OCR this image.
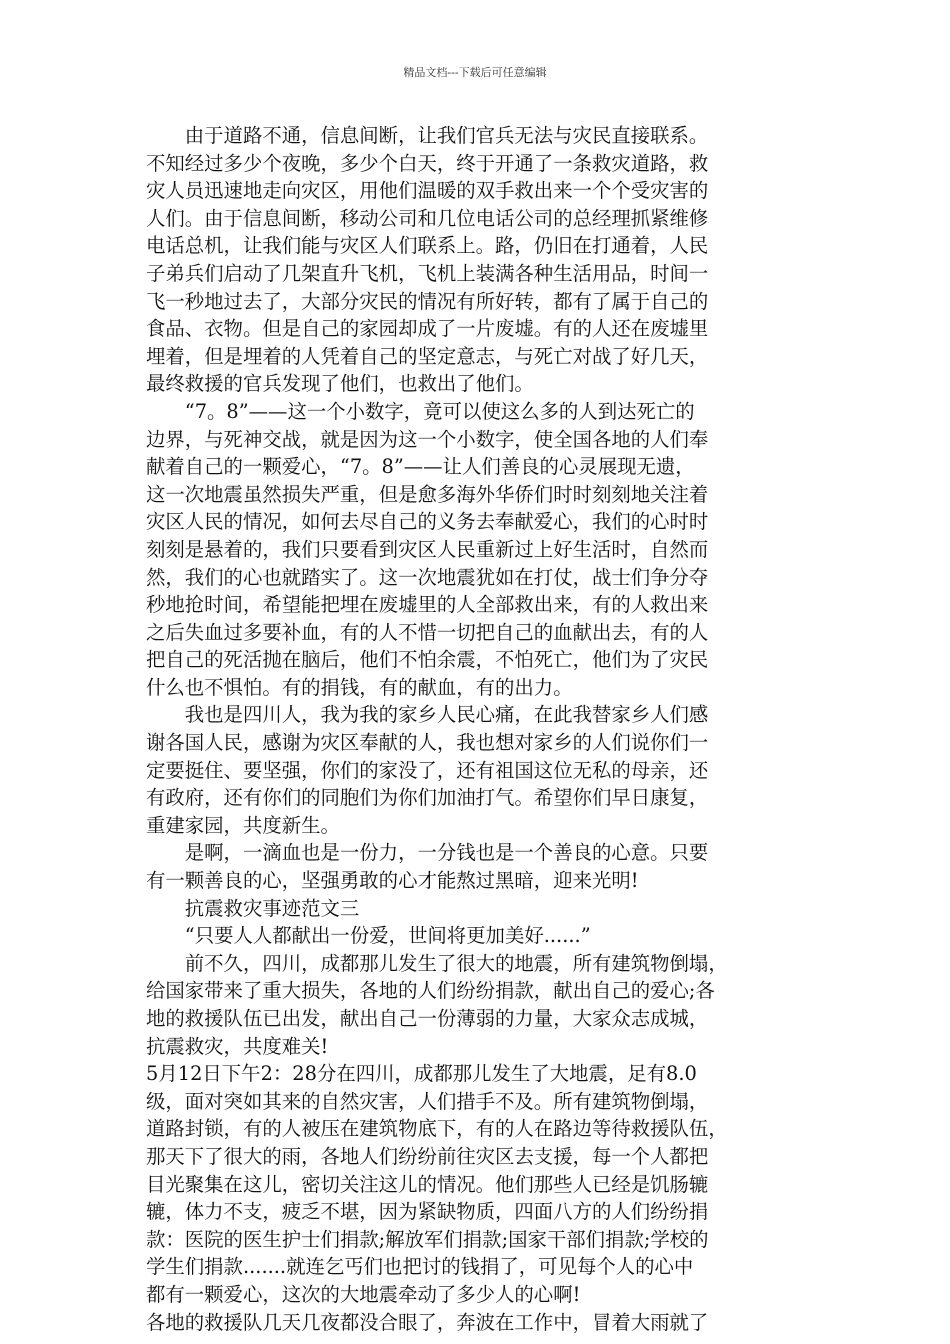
精品文档---下载后可任意编辑
　　由于道路不通，信息间断，让我们官兵无法与灾民直接联系。
不知经过多少个夜晚，多少个白天，终于开通了一条救灾道路，救
灾人员迅速地走向灾区，用他们温暖的双手救出来一个个受灾害的
人们。由于信息间断，移动公司和几位电话公司的总经理抓紧维修
电话总机，让我们能与灾区人们联系上。路，仍旧在打通着，人民
子弟兵们启动了几架直升飞机，飞机上装满各种生活用品，时间一
飞一秒地过去了，大部分灾民的情况有所好转，都有了属于自己的
食品、衣物。但是自己的家园却成了一片废墟。有的人还在废墟里
埋着，但是埋着的人凭着自己的坚定意志，与死亡对战了好几天，
最终救援的官兵发现了他们，也救出了他们。
　　“7。8”——这一个小数字，竟可以使这么多的人到达死亡的
边界，与死神交战，就是因为这一个小数字，使全国各地的人们奉
献着自己的一颗爱心，“7。8”——让人们善良的心灵展现无遗，
这一次地震虽然损失严重，但是愈多海外华侨们时时刻刻地关注着
灾区人民的情况，如何去尽自己的义务去奉献爱心，我们的心时时
刻刻是悬着的，我们只要看到灾区人民重新过上好生活时，自然而
然，我们的心也就踏实了。这一次地震犹如在打仗，战士们争分夺
秒地抢时间，希望能把埋在废墟里的人全部救出来，有的人救出来
之后失血过多要补血，有的人不惜一切把自己的血献出去，有的人
把自己的死活抛在脑后，他们不怕余震，不怕死亡，他们为了灾民
什么也不惧怕。有的捐钱，有的献血，有的出力。
　　我也是四川人，我为我的家乡人民心痛，在此我替家乡人们感
谢各国人民，感谢为灾区奉献的人，我也想对家乡的人们说你们一
定要挺住、要坚强，你们的家没了，还有祖国这位无私的母亲，还
有政府，还有你们的同胞们为你们加油打气。希望你们早日康复，
重建家园，共度新生。
　　是啊，一滴血也是一份力，一分钱也是一个善良的心意。只要
有一颗善良的心，坚强勇敢的心才能熬过黑暗，迎来光明!
　　抗震救灾事迹范文三
　　“只要人人都献出一份爱，世间将更加美好......”
　　前不久，四川，成都那儿发生了很大的地震，所有建筑物倒塌，
给国家带来了重大损失，各地的人们纷纷捐款，献出自己的爱心;各
地的救援队伍已出发，献出自己一份薄弱的力量，大家众志成城，
抗震救灾，共度难关!
5月12日下午2：28分在四川，成都那儿发生了大地震，足有8.0
级，面对突如其来的自然灾害，人们措手不及。所有建筑物倒塌，
道路封锁，有的人被压在建筑物底下，有的人在路边等待救援队伍，
那天下了很大的雨，各地人们纷纷前往灾区去支援，每一个人都把
目光聚集在这儿，密切关注这儿的情况。他们那些人已经是饥肠辘
辘，体力不支，疲乏不堪，因为紧缺物质，四面八方的人们纷纷捐
款：医院的医生护士们捐款;解放军们捐款;国家干部们捐款;学校的
学生们捐款.......就连乞丐们也把讨的钱捐了，可见每个人的心中
都有一颗爱心，这次的大地震牵动了多少人的心啊!
各地的救援队几天几夜都没合眼了，奔波在工作中，冒着大雨就了
